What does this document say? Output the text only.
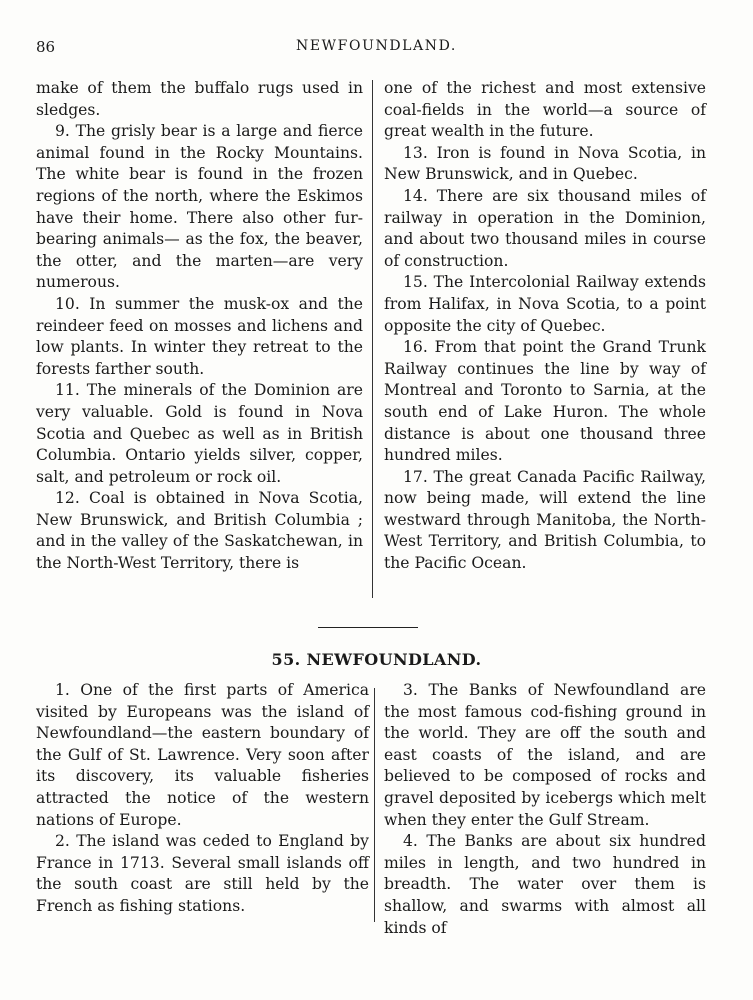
86	NEWFOUNDLAND.

make of them the buffalo rugs used in sledges.

9. The grisly bear is a large and fierce animal found in the Rocky Mountains. The white bear is found in the frozen regions of the north, where the Eskimos have their home. There also other fur-bearing animals— as the fox, the beaver, the otter, and the marten—are very numerous.

10. In summer the musk-ox and the reindeer feed on mosses and lichens and low plants. In winter they retreat to the forests farther south.

11. The minerals of the Dominion are very valuable. Gold is found in Nova Scotia and Quebec as well as in British Columbia. Ontario yields silver, copper, salt, and petroleum or rock oil.

12. Coal is obtained in Nova Scotia, New Brunswick, and British Columbia ; and in the valley of the Saskatchewan, in the North-West Territory, there is

one of the richest and most extensive coal-fields in the world—a source of great wealth in the future.

13. Iron is found in Nova Scotia, in New Brunswick, and in Quebec.

14. There are six thousand miles of railway in operation in the Dominion, and about two thousand miles in course of construction.

15. The Intercolonial Railway extends from Halifax, in Nova Scotia, to a point opposite the city of Quebec.

16. From that point the Grand Trunk Railway continues the line by way of Montreal and Toronto to Sarnia, at the south end of Lake Huron. The whole distance is about one thousand three hundred miles.

17. The great Canada Pacific Railway, now being made, will extend the line westward through Manitoba, the North-West Territory, and British Columbia, to the Pacific Ocean.

55. NEWFOUNDLAND.

1. One of the first parts of America visited by Europeans was the island of Newfoundland—the eastern boundary of the Gulf of St. Lawrence. Very soon after its discovery, its valuable fisheries attracted the notice of the western nations of Europe.

2. The island was ceded to England by France in 1713. Several small islands off the south coast are still held by the French as fishing stations.

3. The Banks of Newfoundland are the most famous cod-fishing ground in the world. They are off the south and east coasts of the island, and are believed to be composed of rocks and gravel deposited by icebergs which melt when they enter the Gulf Stream.

4. The Banks are about six hundred miles in length, and two hundred in breadth. The water over them is shallow, and swarms with almost all kinds of
